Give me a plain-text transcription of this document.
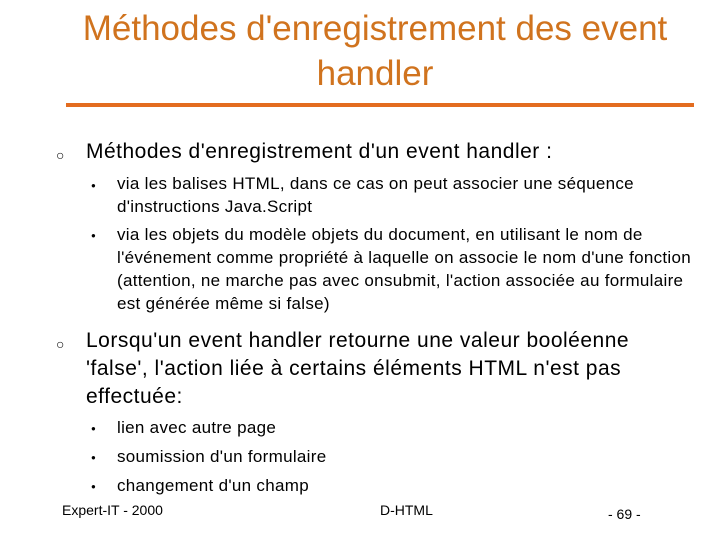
Méthodes d'enregistrement des event handler
○ Méthodes d'enregistrement d'un event handler :
● via les balises HTML, dans ce cas on peut associer une séquence d'instructions Java.Script
● via les objets du modèle objets du document, en utilisant le nom de l'événement comme propriété à laquelle on associe le nom d'une fonction (attention, ne marche pas avec onsubmit, l'action associée au formulaire est générée même si false)
○ Lorsqu'un event handler retourne une valeur booléenne 'false', l'action liée à certains éléments HTML n'est pas effectuée:
● lien avec autre page
● soumission d'un formulaire
● changement d'un champ
Expert-IT - 2000	D-HTML	- 69 -
